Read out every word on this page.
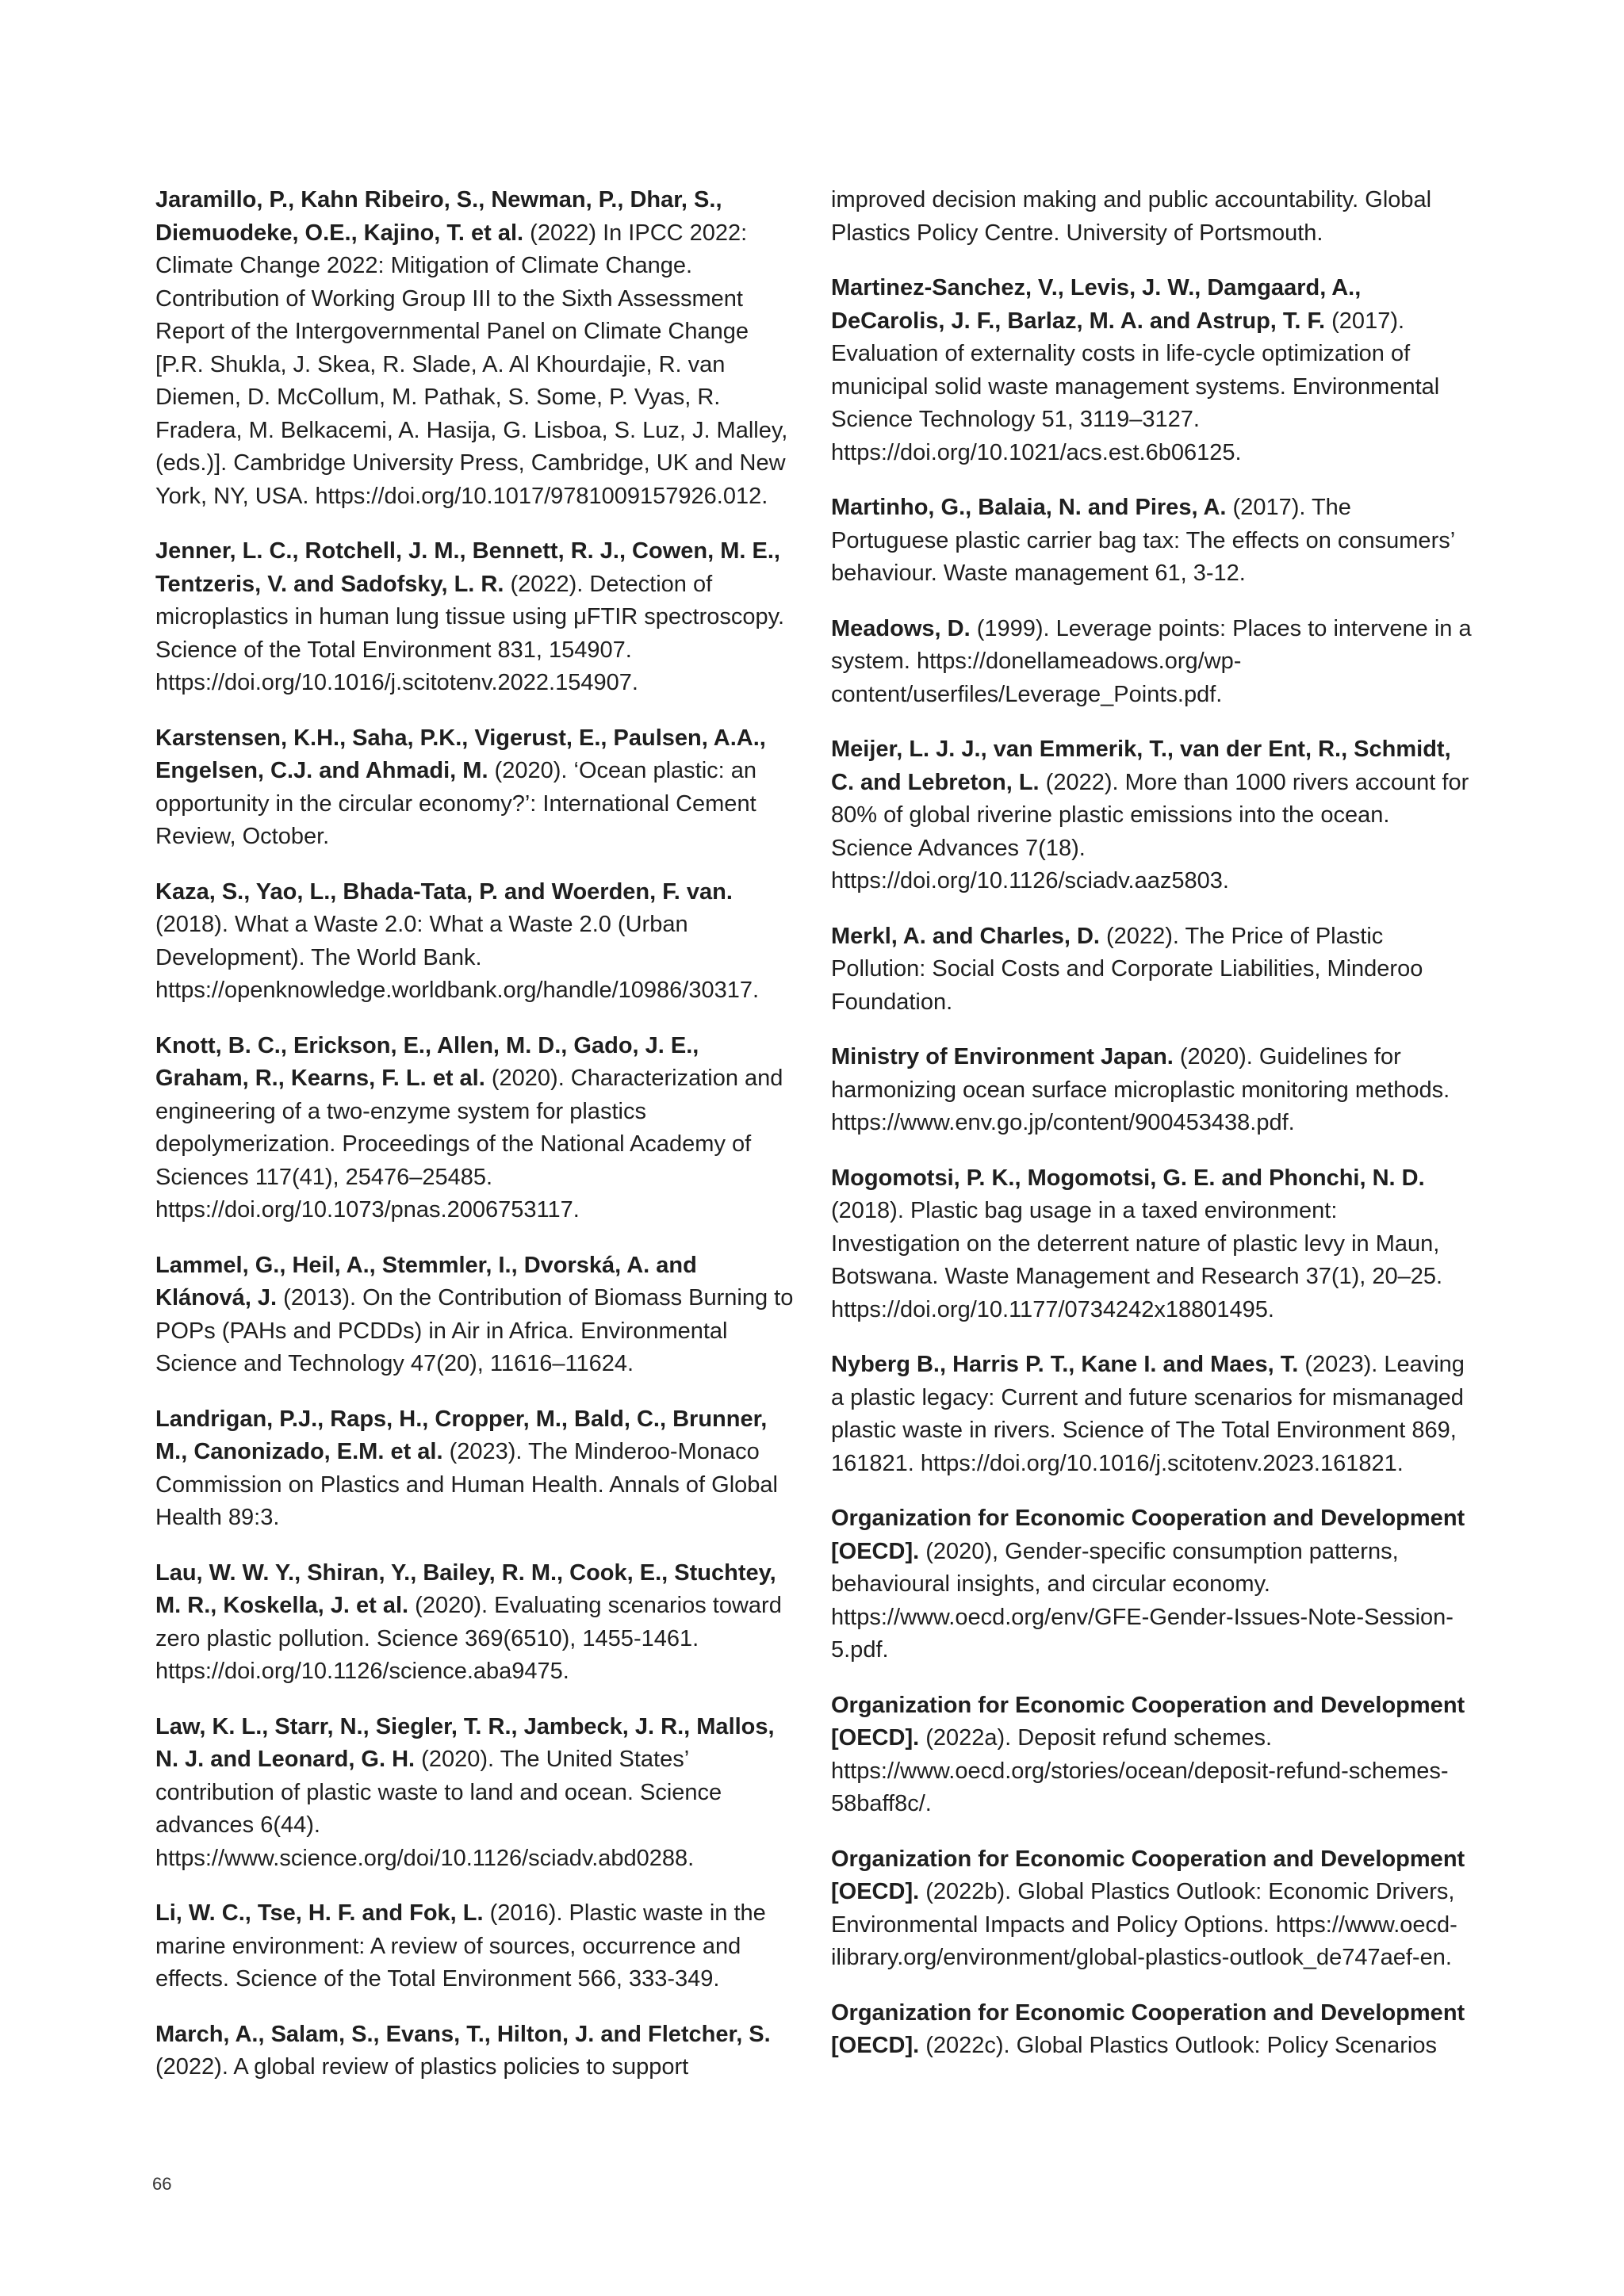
Jaramillo, P., Kahn Ribeiro, S., Newman, P., Dhar, S., Diemuodeke, O.E., Kajino, T. et al. (2022) In IPCC 2022: Climate Change 2022: Mitigation of Climate Change. Contribution of Working Group III to the Sixth Assessment Report of the Intergovernmental Panel on Climate Change [P.R. Shukla, J. Skea, R. Slade, A. Al Khourdajie, R. van Diemen, D. McCollum, M. Pathak, S. Some, P. Vyas, R. Fradera, M. Belkacemi, A. Hasija, G. Lisboa, S. Luz, J. Malley, (eds.)]. Cambridge University Press, Cambridge, UK and New York, NY, USA. https://doi.org/10.1017/9781009157926.012.

Jenner, L. C., Rotchell, J. M., Bennett, R. J., Cowen, M. E., Tentzeris, V. and Sadofsky, L. R. (2022). Detection of microplastics in human lung tissue using μFTIR spectroscopy. Science of the Total Environment 831, 154907. https://doi.org/10.1016/j.scitotenv.2022.154907.

Karstensen, K.H., Saha, P.K., Vigerust, E., Paulsen, A.A., Engelsen, C.J. and Ahmadi, M. (2020). ‘Ocean plastic: an opportunity in the circular economy?’: International Cement Review, October.

Kaza, S., Yao, L., Bhada-Tata, P. and Woerden, F. van. (2018). What a Waste 2.0: What a Waste 2.0 (Urban Development). The World Bank. https://openknowledge.worldbank.org/handle/10986/30317.

Knott, B. C., Erickson, E., Allen, M. D., Gado, J. E., Graham, R., Kearns, F. L. et al. (2020). Characterization and engineering of a two-enzyme system for plastics depolymerization. Proceedings of the National Academy of Sciences 117(41), 25476–25485. https://doi.org/10.1073/pnas.2006753117.

Lammel, G., Heil, A., Stemmler, I., Dvorská, A. and Klánová, J. (2013). On the Contribution of Biomass Burning to POPs (PAHs and PCDDs) in Air in Africa. Environmental Science and Technology 47(20), 11616–11624.

Landrigan, P.J., Raps, H., Cropper, M., Bald, C., Brunner, M., Canonizado, E.M. et al. (2023). The Minderoo-Monaco Commission on Plastics and Human Health. Annals of Global Health 89:3.

Lau, W. W. Y., Shiran, Y., Bailey, R. M., Cook, E., Stuchtey, M. R., Koskella, J. et al. (2020). Evaluating scenarios toward zero plastic pollution. Science 369(6510), 1455-1461. https://doi.org/10.1126/science.aba9475.

Law, K. L., Starr, N., Siegler, T. R., Jambeck, J. R., Mallos, N. J. and Leonard, G. H. (2020). The United States’ contribution of plastic waste to land and ocean. Science advances 6(44). https://www.science.org/doi/10.1126/sciadv.abd0288.

Li, W. C., Tse, H. F. and Fok, L. (2016). Plastic waste in the marine environment: A review of sources, occurrence and effects. Science of the Total Environment 566, 333-349.

March, A., Salam, S., Evans, T., Hilton, J. and Fletcher, S. (2022). A global review of plastics policies to support

improved decision making and public accountability. Global Plastics Policy Centre. University of Portsmouth.

Martinez-Sanchez, V., Levis, J. W., Damgaard, A., DeCarolis, J. F., Barlaz, M. A. and Astrup, T. F. (2017). Evaluation of externality costs in life-cycle optimization of municipal solid waste management systems. Environmental Science Technology 51, 3119–3127. https://doi.org/10.1021/acs.est.6b06125.

Martinho, G., Balaia, N. and Pires, A. (2017). The Portuguese plastic carrier bag tax: The effects on consumers’ behaviour. Waste management 61, 3-12.

Meadows, D. (1999). Leverage points: Places to intervene in a system. https://donellameadows.org/wp-content/userfiles/Leverage_Points.pdf.

Meijer, L. J. J., van Emmerik, T., van der Ent, R., Schmidt, C. and Lebreton, L. (2022). More than 1000 rivers account for 80% of global riverine plastic emissions into the ocean. Science Advances 7(18). https://doi.org/10.1126/sciadv.aaz5803.

Merkl, A. and Charles, D. (2022). The Price of Plastic Pollution: Social Costs and Corporate Liabilities, Minderoo Foundation.

Ministry of Environment Japan. (2020). Guidelines for harmonizing ocean surface microplastic monitoring methods. https://www.env.go.jp/content/900453438.pdf.

Mogomotsi, P. K., Mogomotsi, G. E. and Phonchi, N. D. (2018). Plastic bag usage in a taxed environment: Investigation on the deterrent nature of plastic levy in Maun, Botswana. Waste Management and Research 37(1), 20–25. https://doi.org/10.1177/0734242x18801495.

Nyberg B., Harris P. T., Kane I. and Maes, T. (2023). Leaving a plastic legacy: Current and future scenarios for mismanaged plastic waste in rivers. Science of The Total Environment 869, 161821. https://doi.org/10.1016/j.scitotenv.2023.161821.

Organization for Economic Cooperation and Development [OECD]. (2020), Gender-specific consumption patterns, behavioural insights, and circular economy. https://www.oecd.org/env/GFE-Gender-Issues-Note-Session-5.pdf.

Organization for Economic Cooperation and Development [OECD]. (2022a). Deposit refund schemes. https://www.oecd.org/stories/ocean/deposit-refund-schemes-58baff8c/.

Organization for Economic Cooperation and Development [OECD]. (2022b). Global Plastics Outlook: Economic Drivers, Environmental Impacts and Policy Options. https://www.oecd-ilibrary.org/environment/global-plastics-outlook_de747aef-en.

Organization for Economic Cooperation and Development [OECD]. (2022c). Global Plastics Outlook: Policy Scenarios

66
